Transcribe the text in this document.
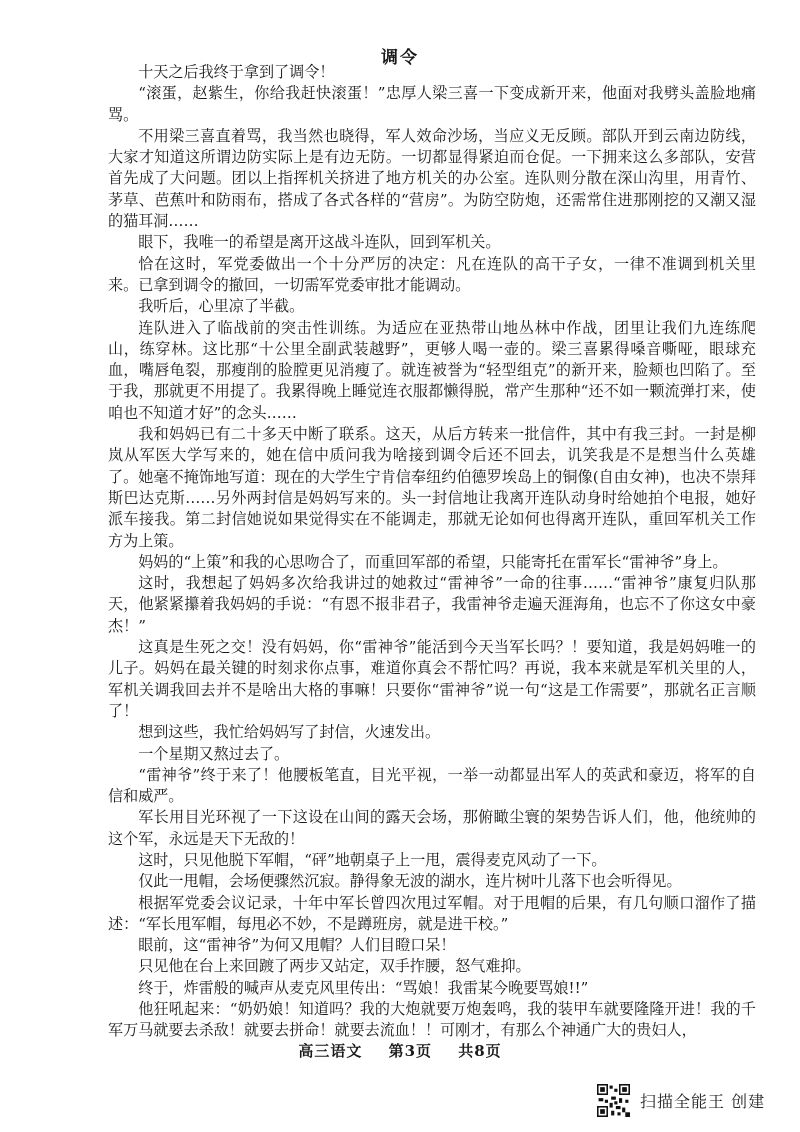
调令

十天之后我终于拿到了调令！

“滚蛋，赵紫生，你给我赶快滚蛋！”忠厚人梁三喜一下变成新开来，他面对我劈头盖脸地痛骂。

不用梁三喜直着骂，我当然也晓得，军人效命沙场，当应义无反顾。部队开到云南边防线，大家才知道这所谓边防实际上是有边无防。一切都显得紧迫而仓促。一下拥来这么多部队，安营首先成了大问题。团以上指挥机关挤进了地方机关的办公室。连队则分散在深山沟里，用青竹、茅草、芭蕉叶和防雨布，搭成了各式各样的“营房”。为防空防炮，还需常住进那刚挖的又潮又湿的猫耳洞……

眼下，我唯一的希望是离开这战斗连队，回到军机关。

恰在这时，军党委做出一个十分严厉的决定：凡在连队的高干子女，一律不准调到机关里来。已拿到调令的撤回，一切需军党委审批才能调动。

我听后，心里凉了半截。

连队进入了临战前的突击性训练。为适应在亚热带山地丛林中作战，团里让我们九连练爬山，练穿林。这比那“十公里全副武装越野”，更够人喝一壶的。梁三喜累得嗓音嘶哑，眼球充血，嘴唇龟裂，那瘦削的脸膛更见消瘦了。就连被誉为“轻型组克”的新开来，脸颊也凹陷了。至于我，那就更不用提了。我累得晚上睡觉连衣服都懒得脱，常产生那种“还不如一颗流弹打来，使咱也不知道才好”的念头……

我和妈妈已有二十多天中断了联系。这天，从后方转来一批信件，其中有我三封。一封是柳岚从军医大学写来的，她在信中质问我为啥接到调令后还不回去，讥笑我是不是想当什么英雄了。她毫不掩饰地写道：现在的大学生宁肯信奉纽约伯德罗埃岛上的铜像(自由女神)，也决不崇拜斯巴达克斯……另外两封信是妈妈写来的。头一封信地让我离开连队动身时给她拍个电报，她好派车接我。第二封信她说如果觉得实在不能调走，那就无论如何也得离开连队，重回军机关工作方为上策。

妈妈的“上策”和我的心思吻合了，而重回军部的希望，只能寄托在雷军长“雷神爷”身上。

这时，我想起了妈妈多次给我讲过的她救过“雷神爷”一命的往事……“雷神爷”康复归队那天，他紧紧攥着我妈妈的手说：“有恩不报非君子，我雷神爷走遍天涯海角，也忘不了你这女中豪杰！”

这真是生死之交！没有妈妈，你“雷神爷”能活到今天当军长吗？！要知道，我是妈妈唯一的儿子。妈妈在最关键的时刻求你点事，难道你真会不帮忙吗？再说，我本来就是军机关里的人，军机关调我回去并不是啥出大格的事嘛！只要你“雷神爷”说一句“这是工作需要”，那就名正言顺了！

想到这些，我忙给妈妈写了封信，火速发出。

一个星期又熬过去了。

“雷神爷”终于来了！他腰板笔直，目光平视，一举一动都显出军人的英武和豪迈，将军的自信和威严。

军长用目光环视了一下这设在山间的露天会场，那俯瞰尘寰的架势告诉人们，他，他统帅的这个军，永远是天下无敌的！

这时，只见他脱下军帽，“砰”地朝桌子上一甩，震得麦克风动了一下。

仅此一甩帽，会场便骤然沉寂。静得象无波的湖水，连片树叶儿落下也会听得见。

根据军党委会议记录，十年中军长曾四次甩过军帽。对于甩帽的后果，有几句顺口溜作了描述：“军长甩军帽，每甩必不妙，不是蹲班房，就是进干校。”

眼前，这“雷神爷”为何又甩帽？人们目瞪口呆！

只见他在台上来回踱了两步又站定，双手拃腰，怒气难抑。

终于，炸雷般的喊声从麦克风里传出：“骂娘！我雷某今晚要骂娘!!”

他狂吼起来：“奶奶娘！知道吗？我的大炮就要万炮轰鸣，我的装甲车就要隆隆开进！我的千军万马就要去杀敌！就要去拼命！就要去流血！！可刚才，有那么个神通广大的贵妇人，

高三语文 第3页 共8页
扫描全能王 创建
